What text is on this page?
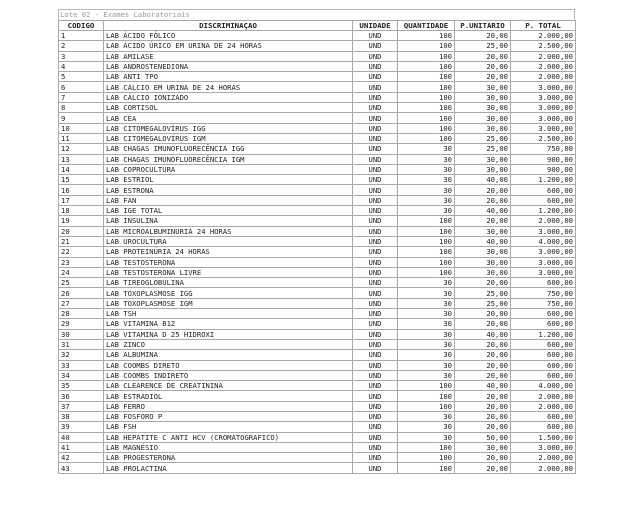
Lote 02 - Exames Laboratoriais
CODIGO	DISCRIMINAÇAO	UNIDADE	QUANTIDADE	P.UNITARIO	P. TOTAL
1	LAB ÁCIDO FÓLICO	UND	100	20,00	2.000,00
2	LAB ÁCIDO ÚRICO EM URINA DE 24 HORAS	UND	100	25,00	2.500,00
3	LAB AMILASE	UND	100	20,00	2.000,00
4	LAB ANDROSTENEDIONA	UND	100	20,00	2.000,00
5	LAB ANTI TPO	UND	100	20,00	2.000,00
6	LAB CÁLCIO EM URINA DE 24 HORAS	UND	100	30,00	3.000,00
7	LAB CÁLCIO IONIZADO	UND	100	30,00	3.000,00
8	LAB CORTISOL	UND	100	30,00	3.000,00
9	LAB CEA	UND	100	30,00	3.000,00
10	LAB CITOMEGALOVÍRUS IGG	UND	100	30,00	3.000,00
11	LAB CITOMEGALOVÍRUS IGM	UND	100	25,00	2.500,00
12	LAB CHAGAS IMUNOFLUORECÊNCIA IGG	UND	30	25,00	750,00
13	LAB CHAGAS IMUNOFLUORECÊNCIA IGM	UND	30	30,00	900,00
14	LAB COPROCULTURA	UND	30	30,00	900,00
15	LAB ESTRIOL	UND	30	40,00	1.200,00
16	LAB ESTRONA	UND	30	20,00	600,00
17	LAB FAN	UND	30	20,00	600,00
18	LAB IGE TOTAL	UND	30	40,00	1.200,00
19	LAB INSULINA	UND	100	20,00	2.000,00
20	LAB MICROALBUMINURIA 24 HORAS	UND	100	30,00	3.000,00
21	LAB UROCULTURA	UND	100	40,00	4.000,00
22	LAB PROTEINÚRIA 24 HORAS	UND	100	30,00	3.000,00
23	LAB TESTOSTERONA	UND	100	30,00	3.000,00
24	LAB TESTOSTERONA LIVRE	UND	100	30,00	3.000,00
25	LAB TIREOGLOBULINA	UND	30	20,00	600,00
26	LAB TOXOPLASMOSE IGG	UND	30	25,00	750,00
27	LAB TOXOPLASMOSE IGM	UND	30	25,00	750,00
28	LAB TSH	UND	30	20,00	600,00
29	LAB VITAMINA B12	UND	30	20,00	600,00
30	LAB VITAMINA D 25 HIDROXI	UND	30	40,00	1.200,00
31	LAB ZINCO	UND	30	20,00	600,00
32	LAB ALBUMINA	UND	30	20,00	600,00
33	LAB COOMBS DIRETO	UND	30	20,00	600,00
34	LAB COOMBS INDIRETO	UND	30	20,00	600,00
35	LAB CLEARENCE DE CREATININA	UND	100	40,00	4.000,00
36	LAB ESTRADIOL	UND	100	20,00	2.000,00
37	LAB FERRO	UND	100	20,00	2.000,00
38	LAB FOSFORO P	UND	30	20,00	600,00
39	LAB FSH	UND	30	20,00	600,00
40	LAB HEPATITE C ANTI HCV (CROMATOGRAFICO)	UND	30	50,00	1.500,00
41	LAB MAGNÉSIO	UND	100	30,00	3.000,00
42	LAB PROGESTERONA	UND	100	20,00	2.000,00
43	LAB PROLACTINA	UND	100	20,00	2.000,00
